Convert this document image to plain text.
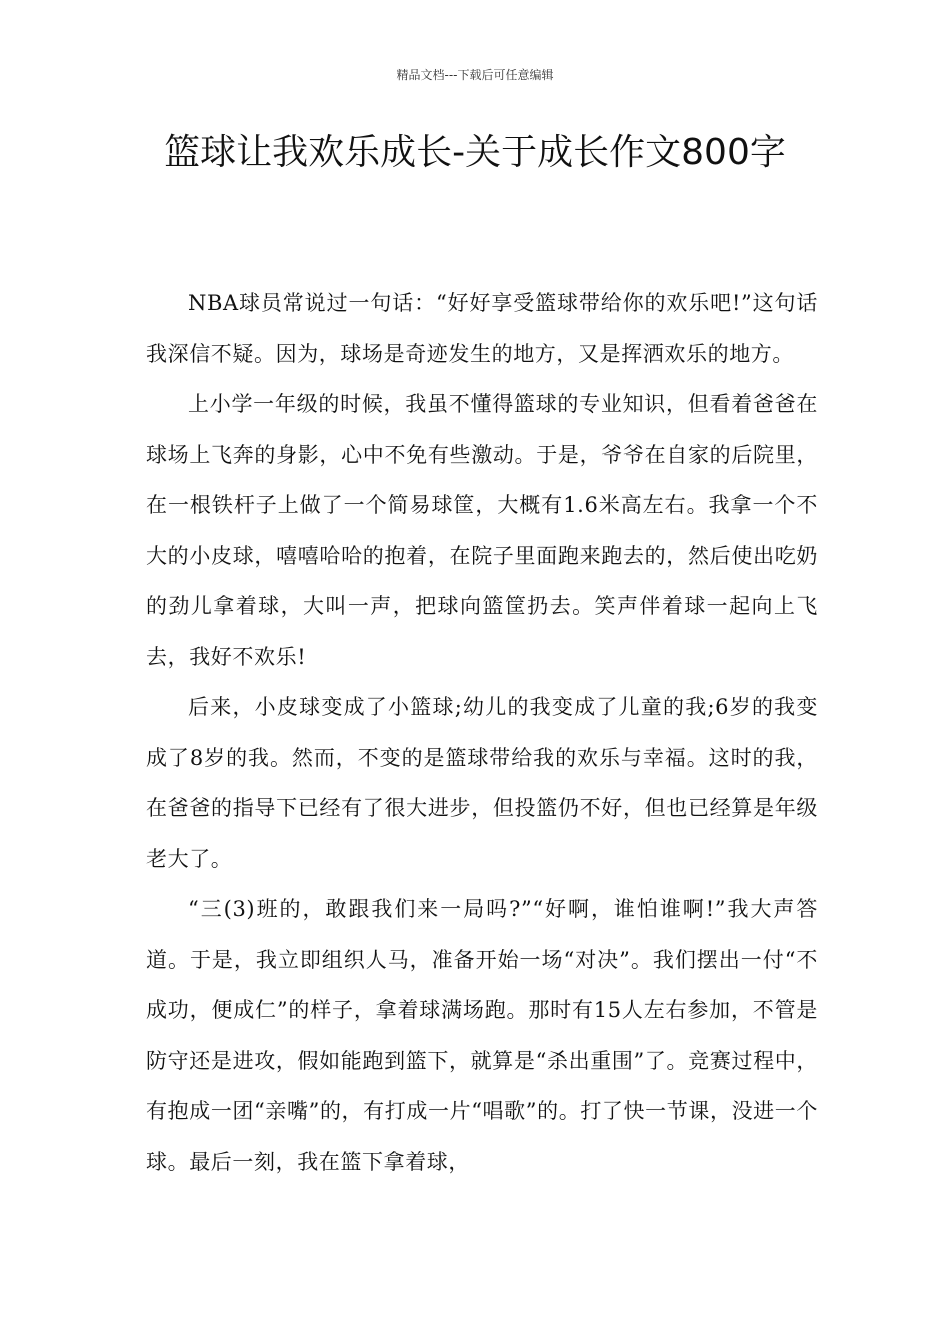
精品文档---下载后可任意编辑
篮球让我欢乐成长-关于成长作文800字

NBA球员常说过一句话：“好好享受篮球带给你的欢乐吧!”这句话我深信不疑。因为，球场是奇迹发生的地方，又是挥洒欢乐的地方。

上小学一年级的时候，我虽不懂得篮球的专业知识，但看着爸爸在球场上飞奔的身影，心中不免有些激动。于是，爷爷在自家的后院里，在一根铁杆子上做了一个简易球筐，大概有1.6米高左右。我拿一个不大的小皮球，嘻嘻哈哈的抱着，在院子里面跑来跑去的，然后使出吃奶的劲儿拿着球，大叫一声，把球向篮筐扔去。笑声伴着球一起向上飞去，我好不欢乐!

后来，小皮球变成了小篮球;幼儿的我变成了儿童的我;6岁的我变成了8岁的我。然而，不变的是篮球带给我的欢乐与幸福。这时的我，在爸爸的指导下已经有了很大进步，但投篮仍不好，但也已经算是年级老大了。

“三(3)班的，敢跟我们来一局吗?”“好啊，谁怕谁啊!”我大声答道。于是，我立即组织人马，准备开始一场“对决”。我们摆出一付“不成功，便成仁”的样子，拿着球满场跑。那时有15人左右参加，不管是防守还是进攻，假如能跑到篮下，就算是“杀出重围”了。竞赛过程中，有抱成一团“亲嘴”的，有打成一片“唱歌”的。打了快一节课，没进一个球。最后一刻，我在篮下拿着球，
